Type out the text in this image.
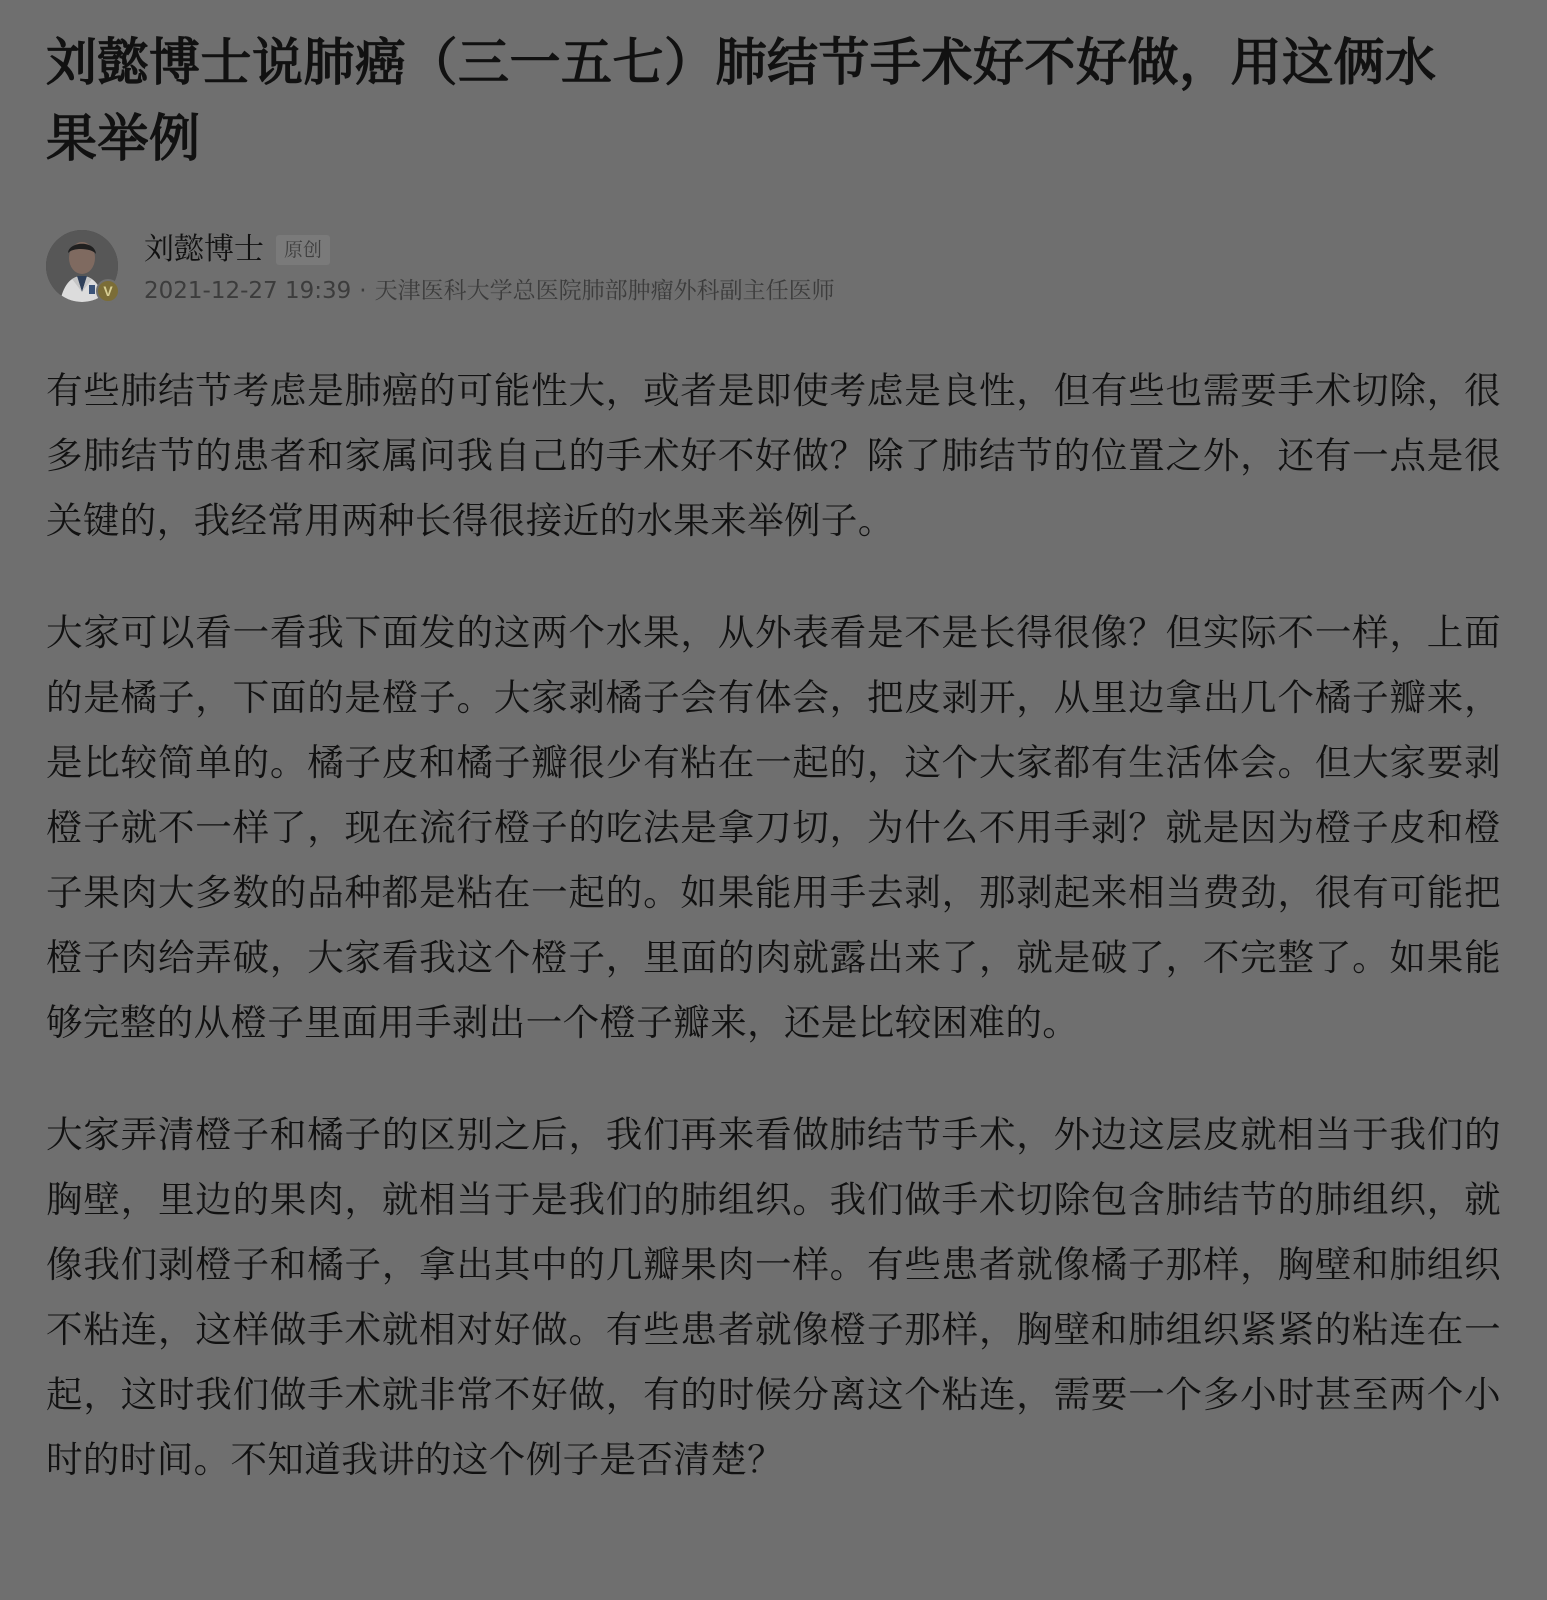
刘懿博士说肺癌（三一五七）肺结节手术好不好做，用这俩水果举例
V
刘懿博士	原创
2021-12-27 19:39 · 天津医科大学总医院肺部肿瘤外科副主任医师

有些肺结节考虑是肺癌的可能性大，或者是即使考虑是良性，但有些也需要手术切除，很多肺结节的患者和家属问我自己的手术好不好做？除了肺结节的位置之外，还有一点是很关键的，我经常用两种长得很接近的水果来举例子。

大家可以看一看我下面发的这两个水果，从外表看是不是长得很像？但实际不一样，上面的是橘子，下面的是橙子。大家剥橘子会有体会，把皮剥开，从里边拿出几个橘子瓣来，是比较简单的。橘子皮和橘子瓣很少有粘在一起的，这个大家都有生活体会。但大家要剥橙子就不一样了，现在流行橙子的吃法是拿刀切，为什么不用手剥？就是因为橙子皮和橙子果肉大多数的品种都是粘在一起的。如果能用手去剥，那剥起来相当费劲，很有可能把橙子肉给弄破，大家看我这个橙子，里面的肉就露出来了，就是破了，不完整了。如果能够完整的从橙子里面用手剥出一个橙子瓣来，还是比较困难的。

大家弄清橙子和橘子的区别之后，我们再来看做肺结节手术，外边这层皮就相当于我们的胸壁，里边的果肉，就相当于是我们的肺组织。我们做手术切除包含肺结节的肺组织，就像我们剥橙子和橘子，拿出其中的几瓣果肉一样。有些患者就像橘子那样，胸壁和肺组织不粘连，这样做手术就相对好做。有些患者就像橙子那样，胸壁和肺组织紧紧的粘连在一起，这时我们做手术就非常不好做，有的时候分离这个粘连，需要一个多小时甚至两个小时的时间。不知道我讲的这个例子是否清楚？
